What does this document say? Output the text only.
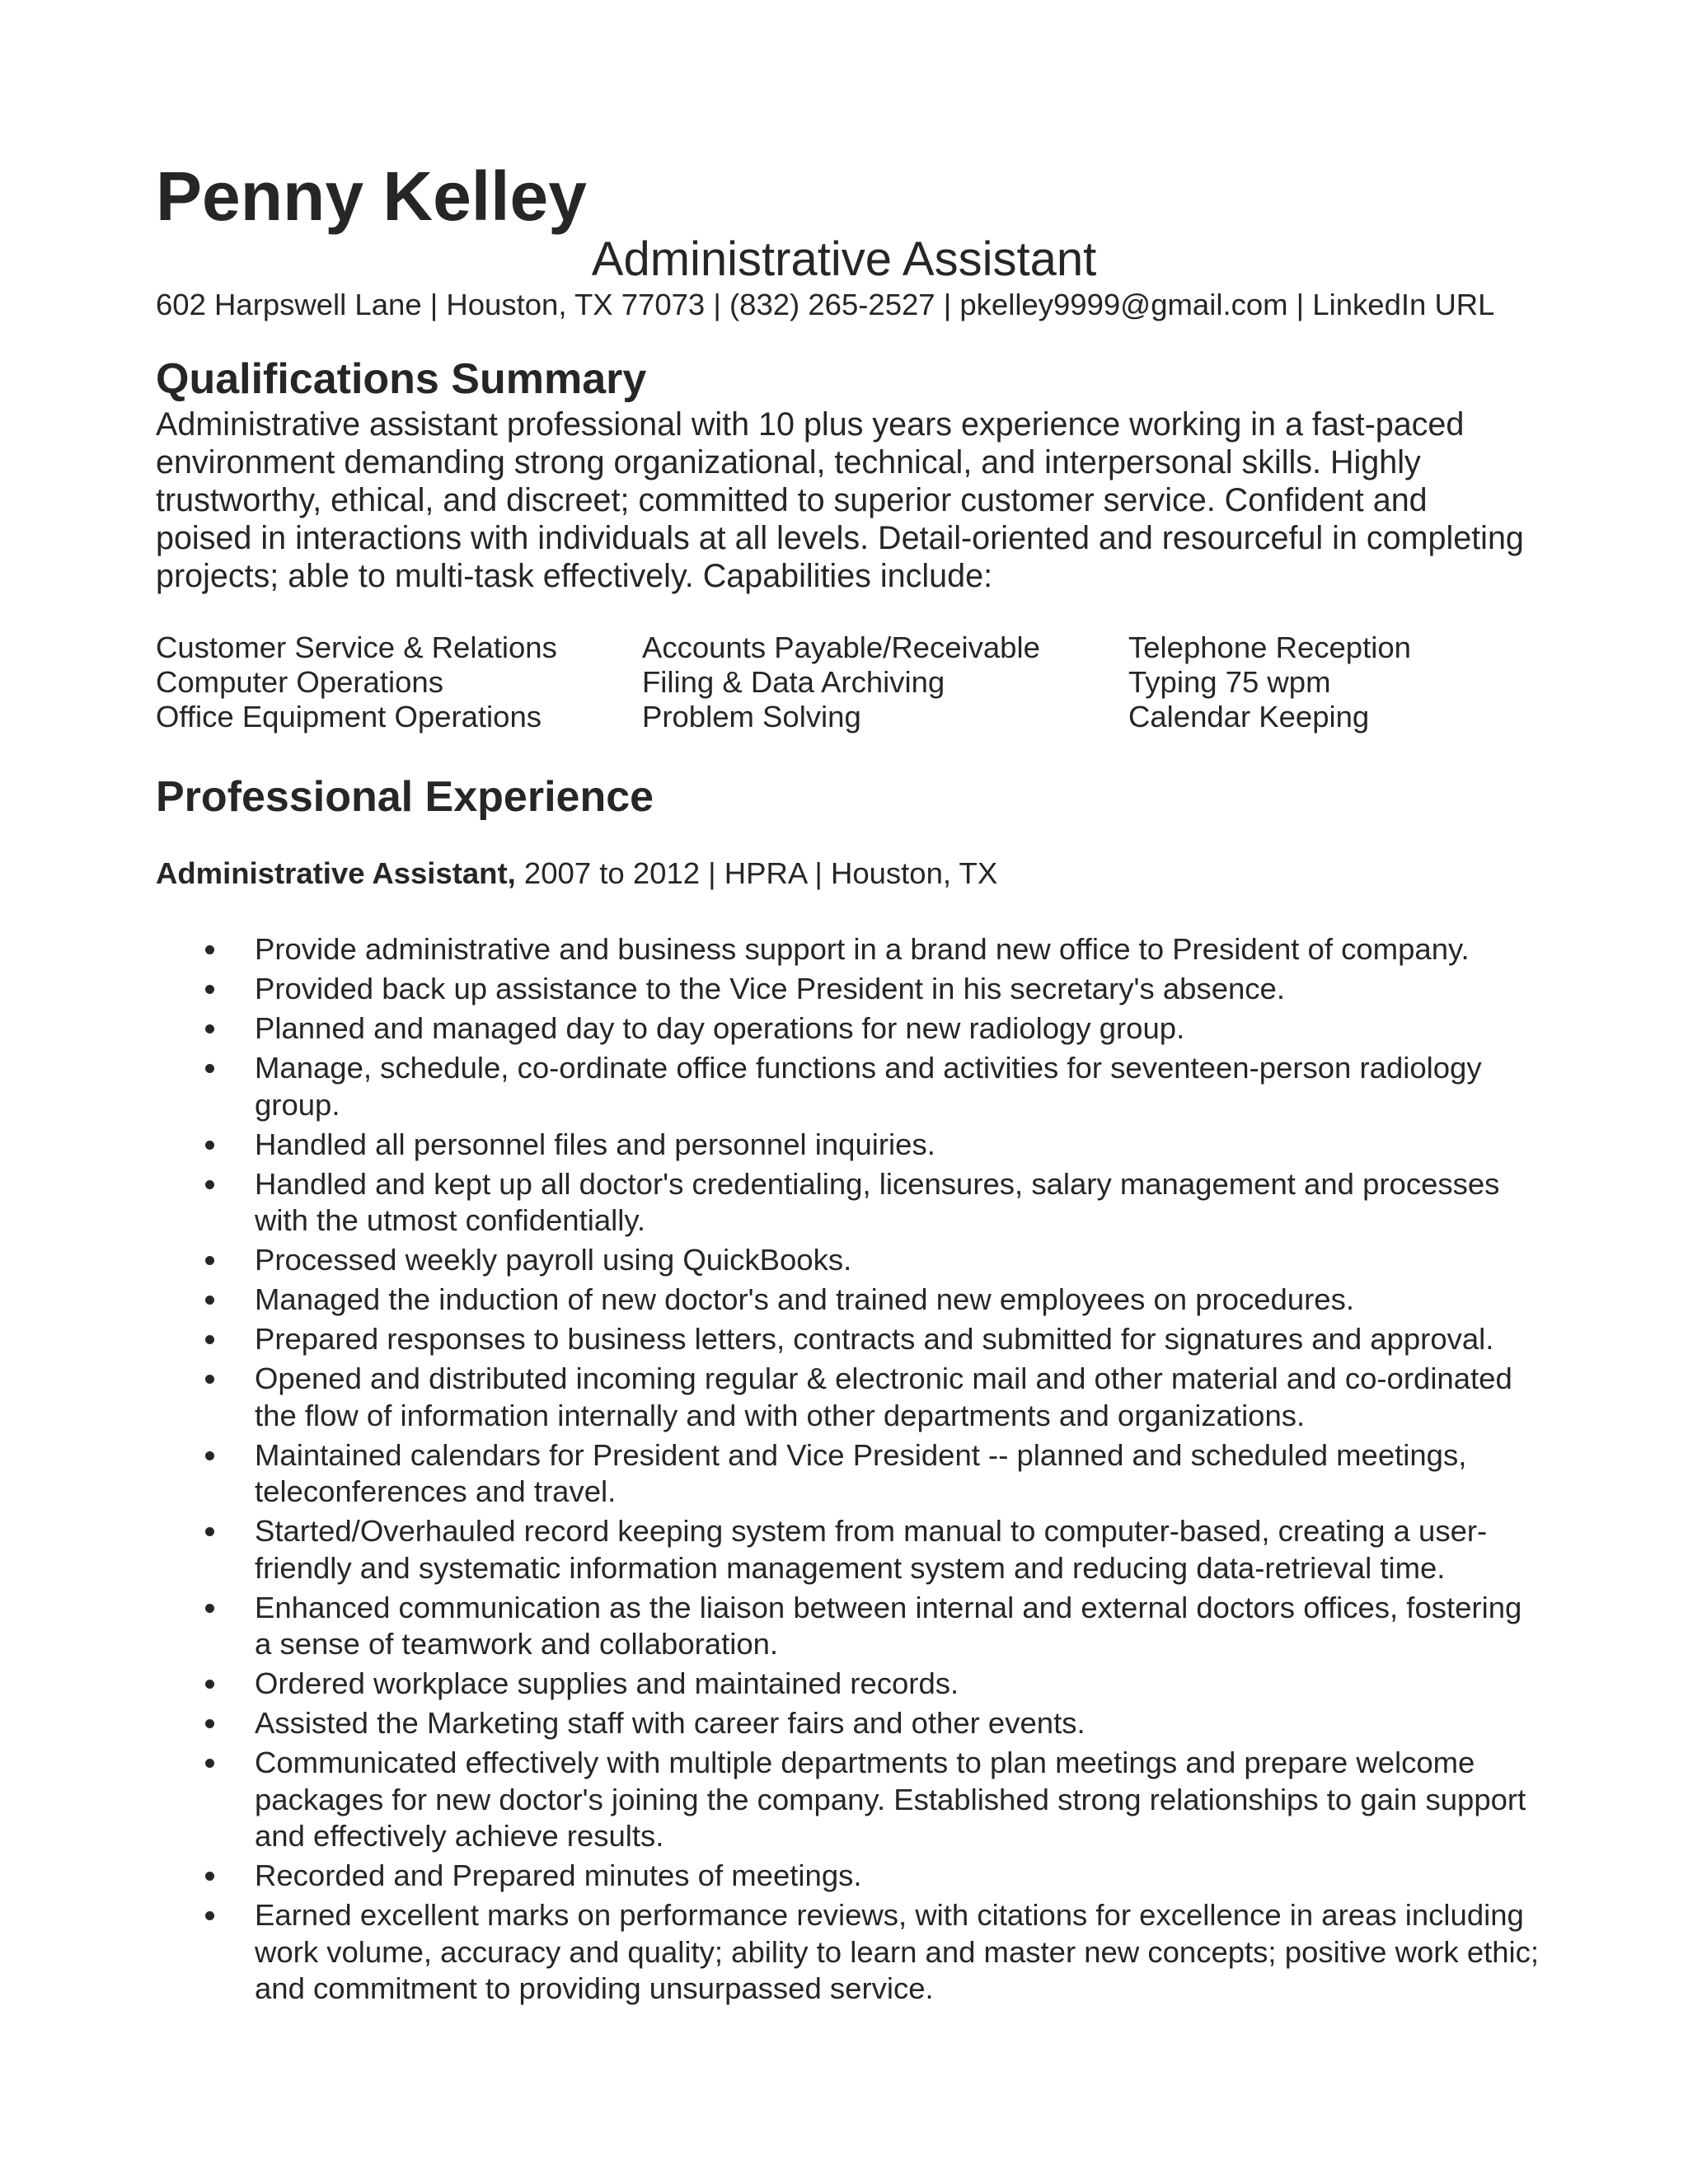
Penny Kelley
Administrative Assistant

602 Harpswell Lane | Houston, TX 77073 | (832) 265-2527 | pkelley9999@gmail.com | LinkedIn URL

Qualifications Summary

Administrative assistant professional with 10 plus years experience working in a fast-paced environment demanding strong organizational, technical, and interpersonal skills. Highly trustworthy, ethical, and discreet; committed to superior customer service. Confident and poised in interactions with individuals at all levels. Detail-oriented and resourceful in completing projects; able to multi-task effectively. Capabilities include:

Customer Service & Relations
Computer Operations
Office Equipment Operations
Accounts Payable/Receivable
Filing & Data Archiving
Problem Solving
Telephone Reception
Typing 75 wpm
Calendar Keeping
Professional Experience

Administrative Assistant, 2007 to 2012 | HPRA | Houston, TX

Provide administrative and business support in a brand new office to President of company.
Provided back up assistance to the Vice President in his secretary's absence.
Planned and managed day to day operations for new radiology group.
Manage, schedule, co-ordinate office functions and activities for seventeen-person radiology group.
Handled all personnel files and personnel inquiries.
Handled and kept up all doctor's credentialing, licensures, salary management and processes with the utmost confidentially.
Processed weekly payroll using QuickBooks.
Managed the induction of new doctor's and trained new employees on procedures.
Prepared responses to business letters, contracts and submitted for signatures and approval.
Opened and distributed incoming regular & electronic mail and other material and co-ordinated the flow of information internally and with other departments and organizations.
Maintained calendars for President and Vice President -- planned and scheduled meetings, teleconferences and travel.
Started/Overhauled record keeping system from manual to computer-based, creating a user-friendly and systematic information management system and reducing data-retrieval time.
Enhanced communication as the liaison between internal and external doctors offices, fostering a sense of teamwork and collaboration.
Ordered workplace supplies and maintained records.
Assisted the Marketing staff with career fairs and other events.
Communicated effectively with multiple departments to plan meetings and prepare welcome packages for new doctor's joining the company. Established strong relationships to gain support and effectively achieve results.
Recorded and Prepared minutes of meetings.
Earned excellent marks on performance reviews, with citations for excellence in areas including work volume, accuracy and quality; ability to learn and master new concepts; positive work ethic; and commitment to providing unsurpassed service.
